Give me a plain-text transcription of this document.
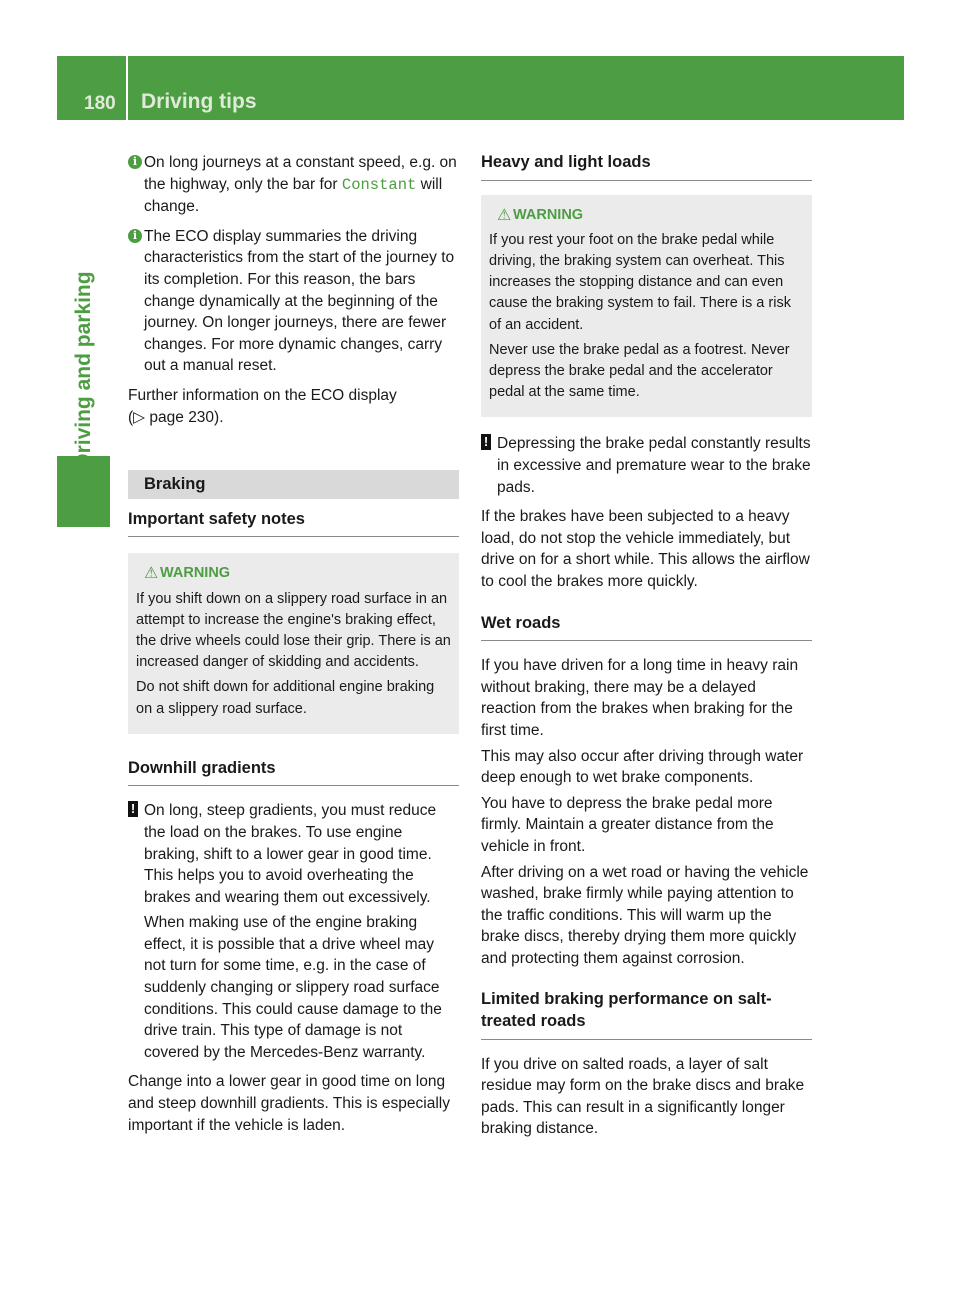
180 Driving tips
Driving and parking
i On long journeys at a constant speed, e.g. on the highway, only the bar for Constant will change.
i The ECO display summaries the driving characteristics from the start of the journey to its completion. For this reason, the bars change dynamically at the beginning of the journey. On longer journeys, there are fewer changes. For more dynamic changes, carry out a manual reset.

Further information on the ECO display
(▷ page 230).

Braking
Important safety notes
⚠ WARNING

If you shift down on a slippery road surface in an attempt to increase the engine's braking effect, the drive wheels could lose their grip. There is an increased danger of skidding and accidents.

Do not shift down for additional engine braking on a slippery road surface.

Downhill gradients
! On long, steep gradients, you must reduce the load on the brakes. To use engine braking, shift to a lower gear in good time. This helps you to avoid overheating the brakes and wearing them out excessively.

When making use of the engine braking effect, it is possible that a drive wheel may not turn for some time, e.g. in the case of suddenly changing or slippery road surface conditions. This could cause damage to the drive train. This type of damage is not covered by the Mercedes-Benz warranty.

Change into a lower gear in good time on long and steep downhill gradients. This is especially important if the vehicle is laden.

Heavy and light loads
⚠ WARNING

If you rest your foot on the brake pedal while driving, the braking system can overheat. This increases the stopping distance and can even cause the braking system to fail. There is a risk of an accident.

Never use the brake pedal as a footrest. Never depress the brake pedal and the accelerator pedal at the same time.

! Depressing the brake pedal constantly results in excessive and premature wear to the brake pads.

If the brakes have been subjected to a heavy load, do not stop the vehicle immediately, but drive on for a short while. This allows the airflow to cool the brakes more quickly.

Wet roads

If you have driven for a long time in heavy rain without braking, there may be a delayed reaction from the brakes when braking for the first time.

This may also occur after driving through water deep enough to wet brake components.

You have to depress the brake pedal more firmly. Maintain a greater distance from the vehicle in front.

After driving on a wet road or having the vehicle washed, brake firmly while paying attention to the traffic conditions. This will warm up the brake discs, thereby drying them more quickly and protecting them against corrosion.

Limited braking performance on salt-treated roads

If you drive on salted roads, a layer of salt residue may form on the brake discs and brake pads. This can result in a significantly longer braking distance.
